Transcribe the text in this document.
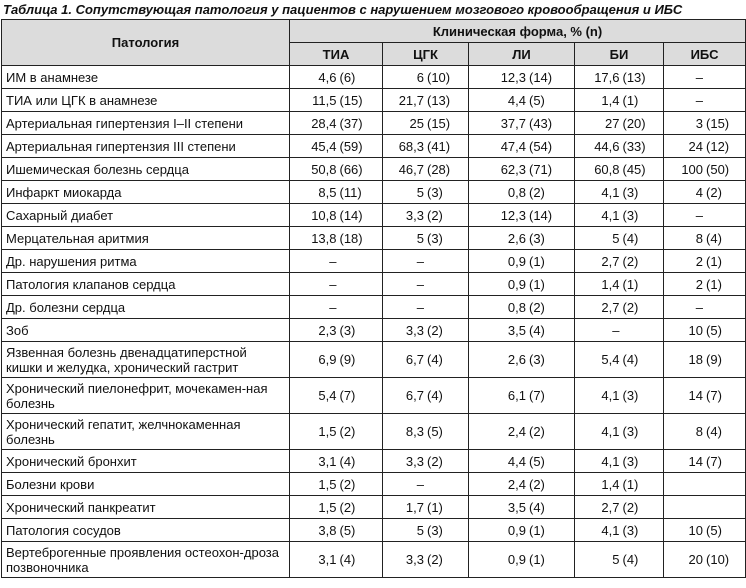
Таблица 1. Сопутствующая патология у пациентов с нарушением мозгового кровообращения и ИБС
Патология	Клиническая форма, % (n)				
	ТИА	ЦГК	ЛИ	БИ	ИБС
ИМ в анамнезе	4,6 (6)	6 (10)	12,3 (14)	17,6 (13)	–
ТИА или ЦГК в анамнезе	11,5 (15)	21,7 (13)	4,4 (5)	1,4 (1)	–
Артериальная гипертензия I–II степени	28,4 (37)	25 (15)	37,7 (43)	27 (20)	3 (15)
Артериальная гипертензия III степени	45,4 (59)	68,3 (41)	47,4 (54)	44,6 (33)	24 (12)
Ишемическая болезнь сердца	50,8 (66)	46,7 (28)	62,3 (71)	60,8 (45)	100 (50)
Инфаркт миокарда	8,5 (11)	5 (3)	0,8 (2)	4,1 (3)	4 (2)
Сахарный диабет	10,8 (14)	3,3 (2)	12,3 (14)	4,1 (3)	–
Мерцательная аритмия	13,8 (18)	5 (3)	2,6 (3)	5 (4)	8 (4)
Др. нарушения ритма	–	–	0,9 (1)	2,7 (2)	2 (1)
Патология клапанов сердца	–	–	0,9 (1)	1,4 (1)	2 (1)
Др. болезни сердца	–	–	0,8 (2)	2,7 (2)	–
Зоб	2,3 (3)	3,3 (2)	3,5 (4)	–	10 (5)
Язвенная болезнь двенадцатиперстной кишки и желудка, хронический гастрит	6,9 (9)	6,7 (4)	2,6 (3)	5,4 (4)	18 (9)
Хронический пиелонефрит, мочекамен-ная болезнь	5,4 (7)	6,7 (4)	6,1 (7)	4,1 (3)	14 (7)
Хронический гепатит, желчнокаменная болезнь	1,5 (2)	8,3 (5)	2,4 (2)	4,1 (3)	8 (4)
Хронический бронхит	3,1 (4)	3,3 (2)	4,4 (5)	4,1 (3)	14 (7)
Болезни крови	1,5 (2)	–	2,4 (2)	1,4 (1)	
Хронический панкреатит	1,5 (2)	1,7 (1)	3,5 (4)	2,7 (2)	
Патология сосудов	3,8 (5)	5 (3)	0,9 (1)	4,1 (3)	10 (5)
Вертеброгенные проявления остеохон-дроза позвоночника	3,1 (4)	3,3 (2)	0,9 (1)	5 (4)	20 (10)
